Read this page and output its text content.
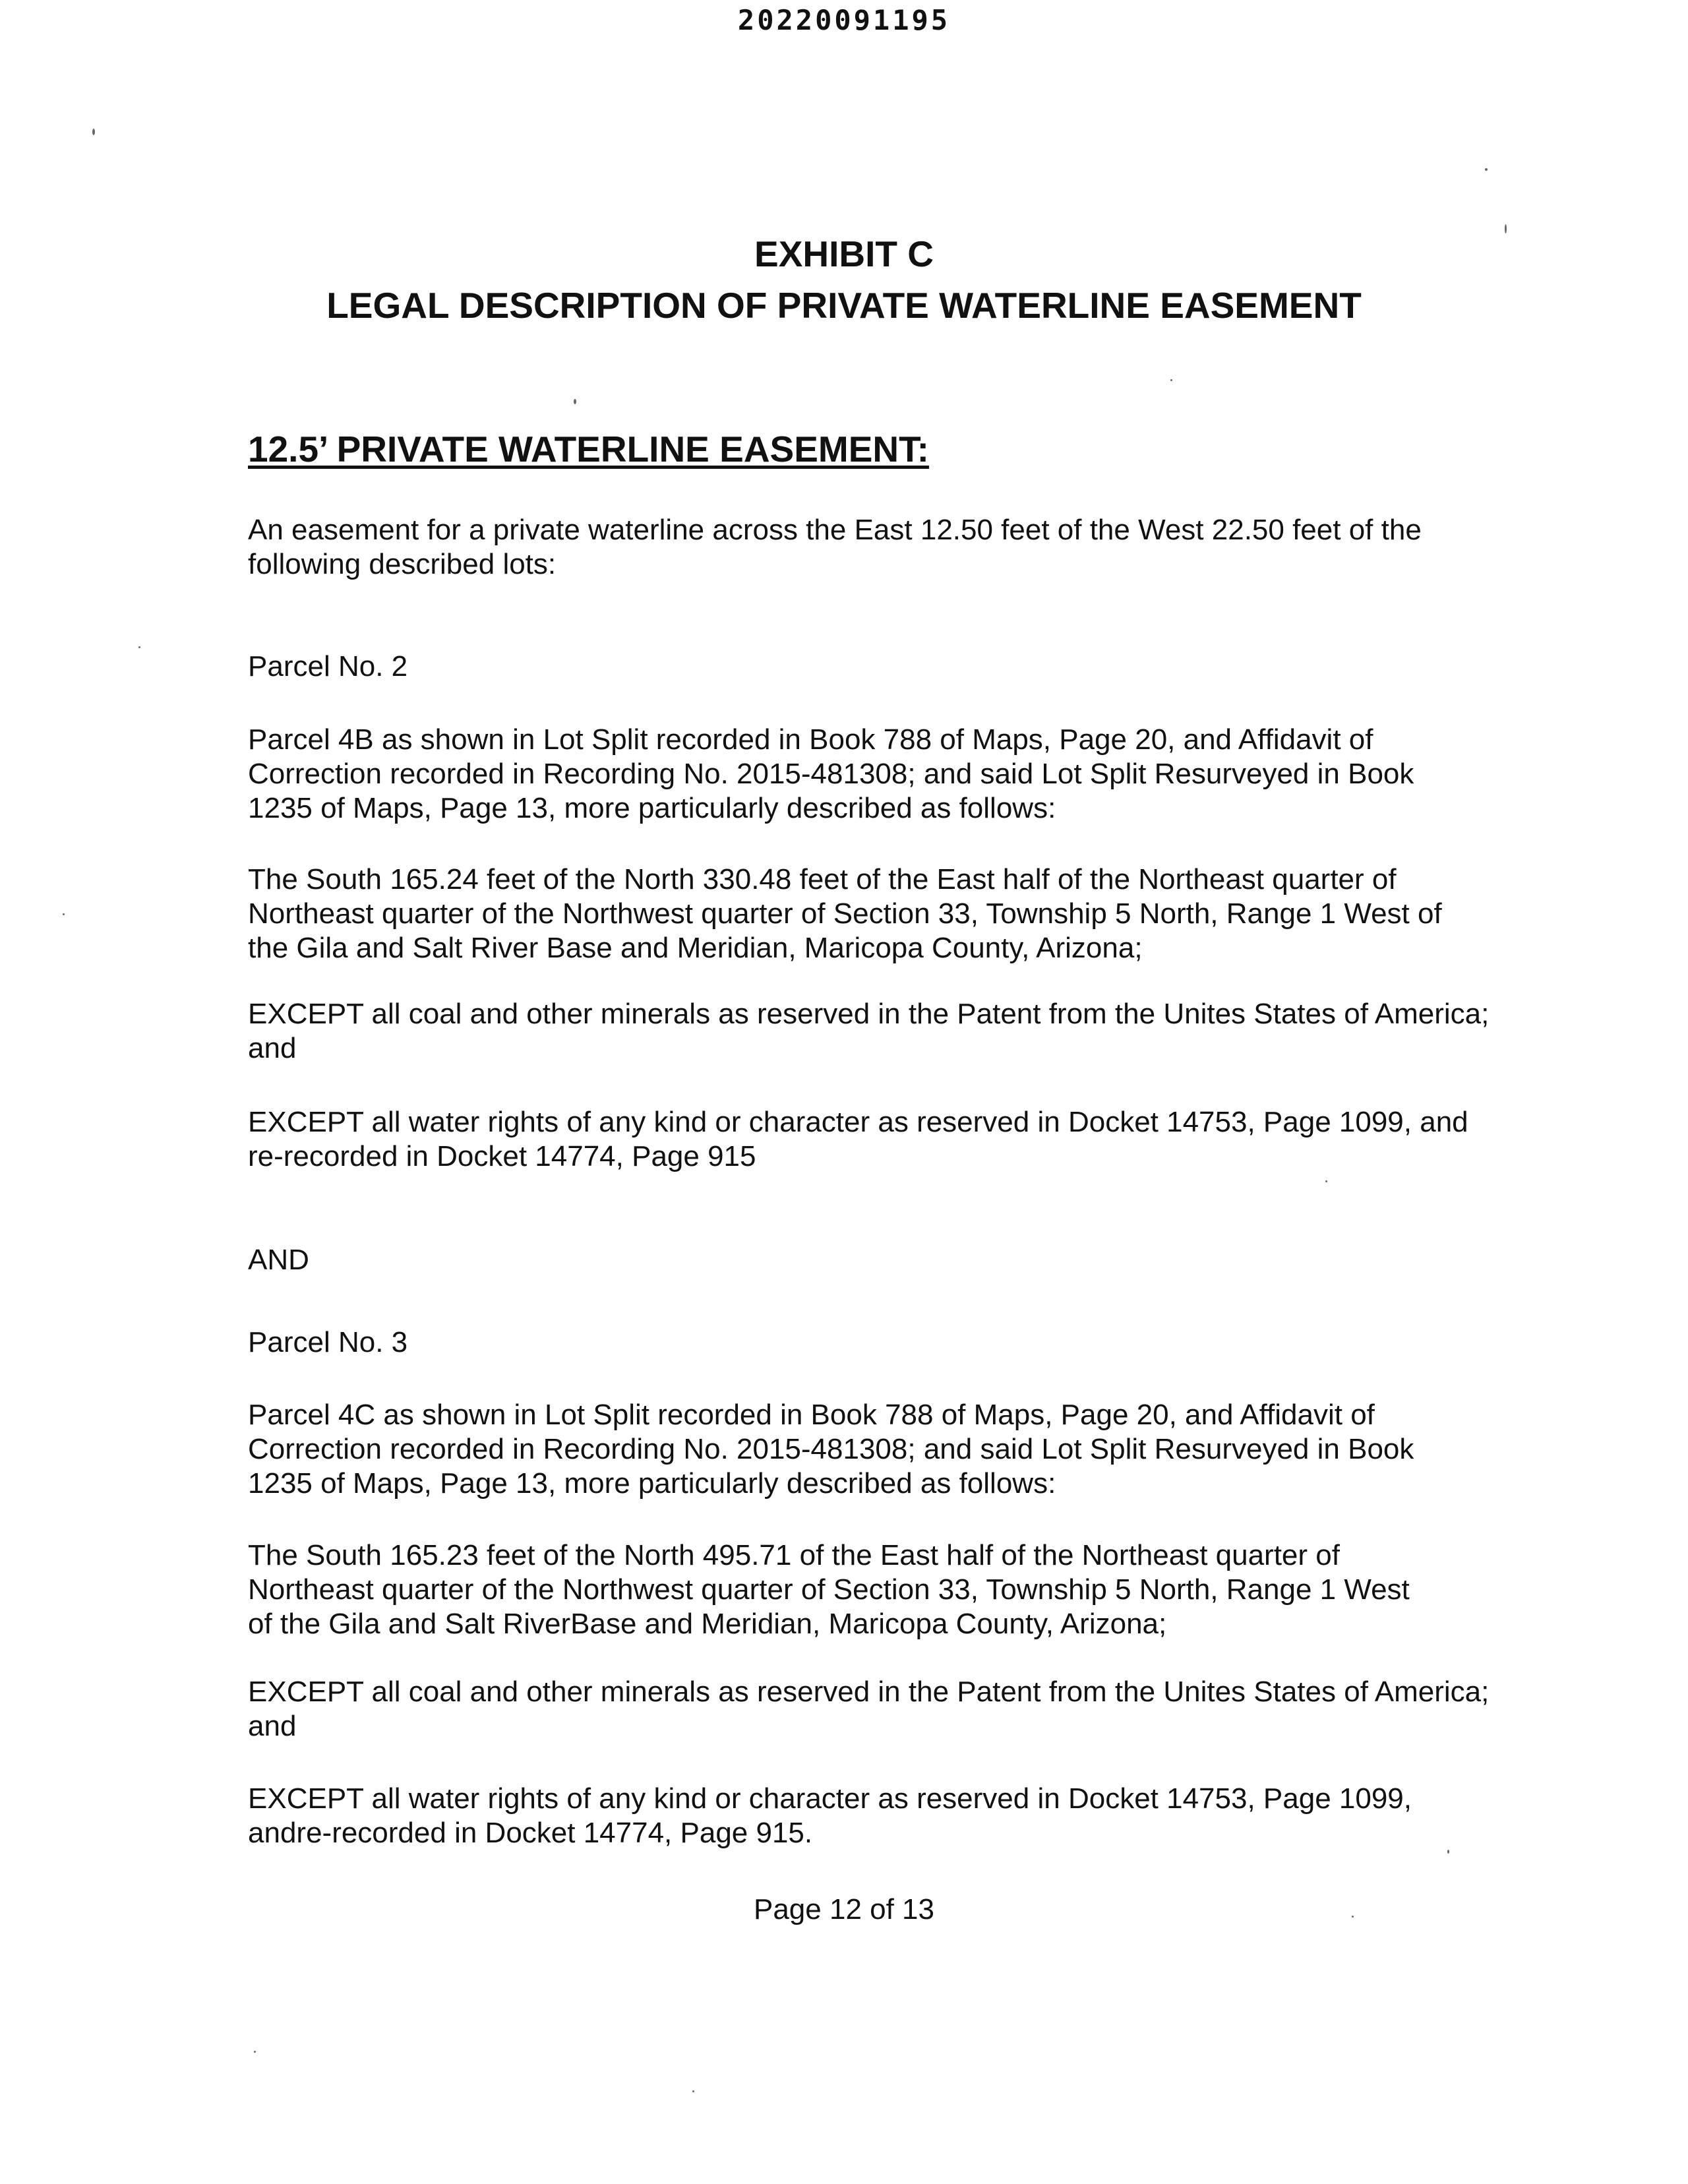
20220091195
EXHIBIT C
LEGAL DESCRIPTION OF PRIVATE WATERLINE EASEMENT
12.5’ PRIVATE WATERLINE EASEMENT:

An easement for a private waterline across the East 12.50 feet of the West 22.50 feet of the
following described lots:

Parcel No. 2

Parcel 4B as shown in Lot Split recorded in Book 788 of Maps, Page 20, and Affidavit of
Correction recorded in Recording No. 2015-481308; and said Lot Split Resurveyed in Book
1235 of Maps, Page 13, more particularly described as follows:

The South 165.24 feet of the North 330.48 feet of the East half of the Northeast quarter of
Northeast quarter of the Northwest quarter of Section 33, Township 5 North, Range 1 West of
the Gila and Salt River Base and Meridian, Maricopa County, Arizona;

EXCEPT all coal and other minerals as reserved in the Patent from the Unites States of America;
and

EXCEPT all water rights of any kind or character as reserved in Docket 14753, Page 1099, and
re-recorded in Docket 14774, Page 915

AND

Parcel No. 3

Parcel 4C as shown in Lot Split recorded in Book 788 of Maps, Page 20, and Affidavit of
Correction recorded in Recording No. 2015-481308; and said Lot Split Resurveyed in Book
1235 of Maps, Page 13, more particularly described as follows:

The South 165.23 feet of the North 495.71 of the East half of the Northeast quarter of
Northeast quarter of the Northwest quarter of Section 33, Township 5 North, Range 1 West
of the Gila and Salt RiverBase and Meridian, Maricopa County, Arizona;

EXCEPT all coal and other minerals as reserved in the Patent from the Unites States of America;
and

EXCEPT all water rights of any kind or character as reserved in Docket 14753, Page 1099,
andre-recorded in Docket 14774, Page 915.

Page 12 of 13
